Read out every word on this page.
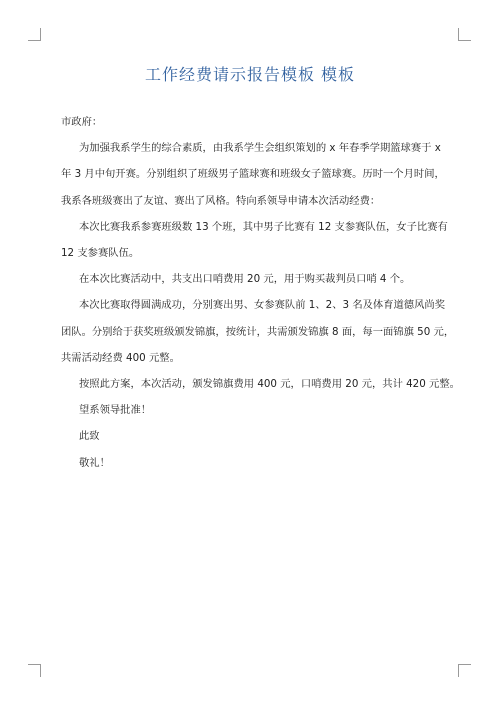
工作经费请示报告模板 模板

市政府：

为加强我系学生的综合素质，由我系学生会组织策划的 x 年春季学期篮球赛于 x

年 3 月中旬开赛。分别组织了班级男子篮球赛和班级女子篮球赛。历时一个月时间，

我系各班级赛出了友谊、赛出了风格。特向系领导申请本次活动经费：

本次比赛我系参赛班级数 13 个班，其中男子比赛有 12 支参赛队伍，女子比赛有

12 支参赛队伍。

在本次比赛活动中，共支出口哨费用 20 元，用于购买裁判员口哨 4 个。

本次比赛取得圆满成功，分别赛出男、女参赛队前 1、2、3 名及体育道德风尚奖

团队。分别给于获奖班级颁发锦旗，按统计，共需颁发锦旗 8 面，每一面锦旗 50 元，

共需活动经费 400 元整。

按照此方案，本次活动，颁发锦旗费用 400 元，口哨费用 20 元，共计 420 元整。

望系领导批准！

此致

敬礼！
